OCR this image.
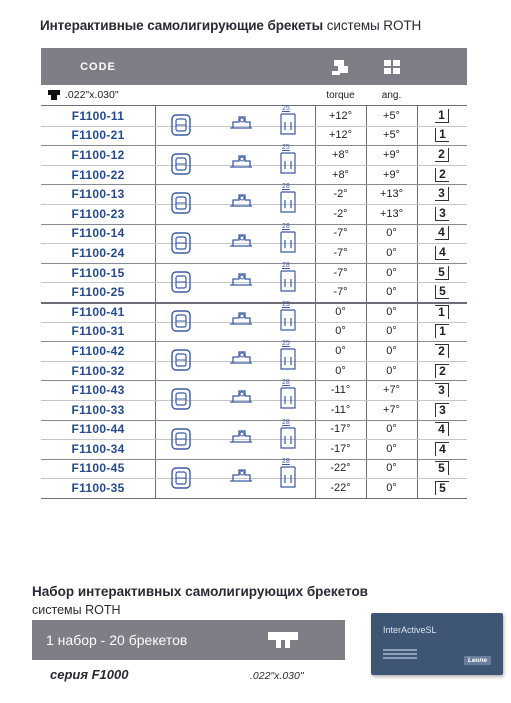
Интерактивные самолигирующие брекеты системы ROTH
CODE
.022"x.030"	torque	ang.
F1100-11	+12°	+5°	1
F1100-21	+12°	+5°	1
F1100-12	+8°	+9°	2
F1100-22	+8°	+9°	2
F1100-13	-2°	+13°	3
F1100-23	-2°	+13°	3
F1100-14	-7°	0°	4
F1100-24	-7°	0°	4
F1100-15	-7°	0°	5
F1100-25	-7°	0°	5
F1100-41	0°	0°	1
F1100-31	0°	0°	1
F1100-42	0°	0°	2
F1100-32	0°	0°	2
F1100-43	-11°	+7°	3
F1100-33	-11°	+7°	3
F1100-44	-17°	0°	4
F1100-34	-17°	0°	4
F1100-45	-22°	0°	5
F1100-35	-22°	0°	5
25
25
28
28
28
25
25
28
28
28
Набор интерактивных самолигирующих брекетов
системы ROTH
1 набор - 20 брекетов
серия F1000	.022"x.030"
InterActiveSL
Leone
